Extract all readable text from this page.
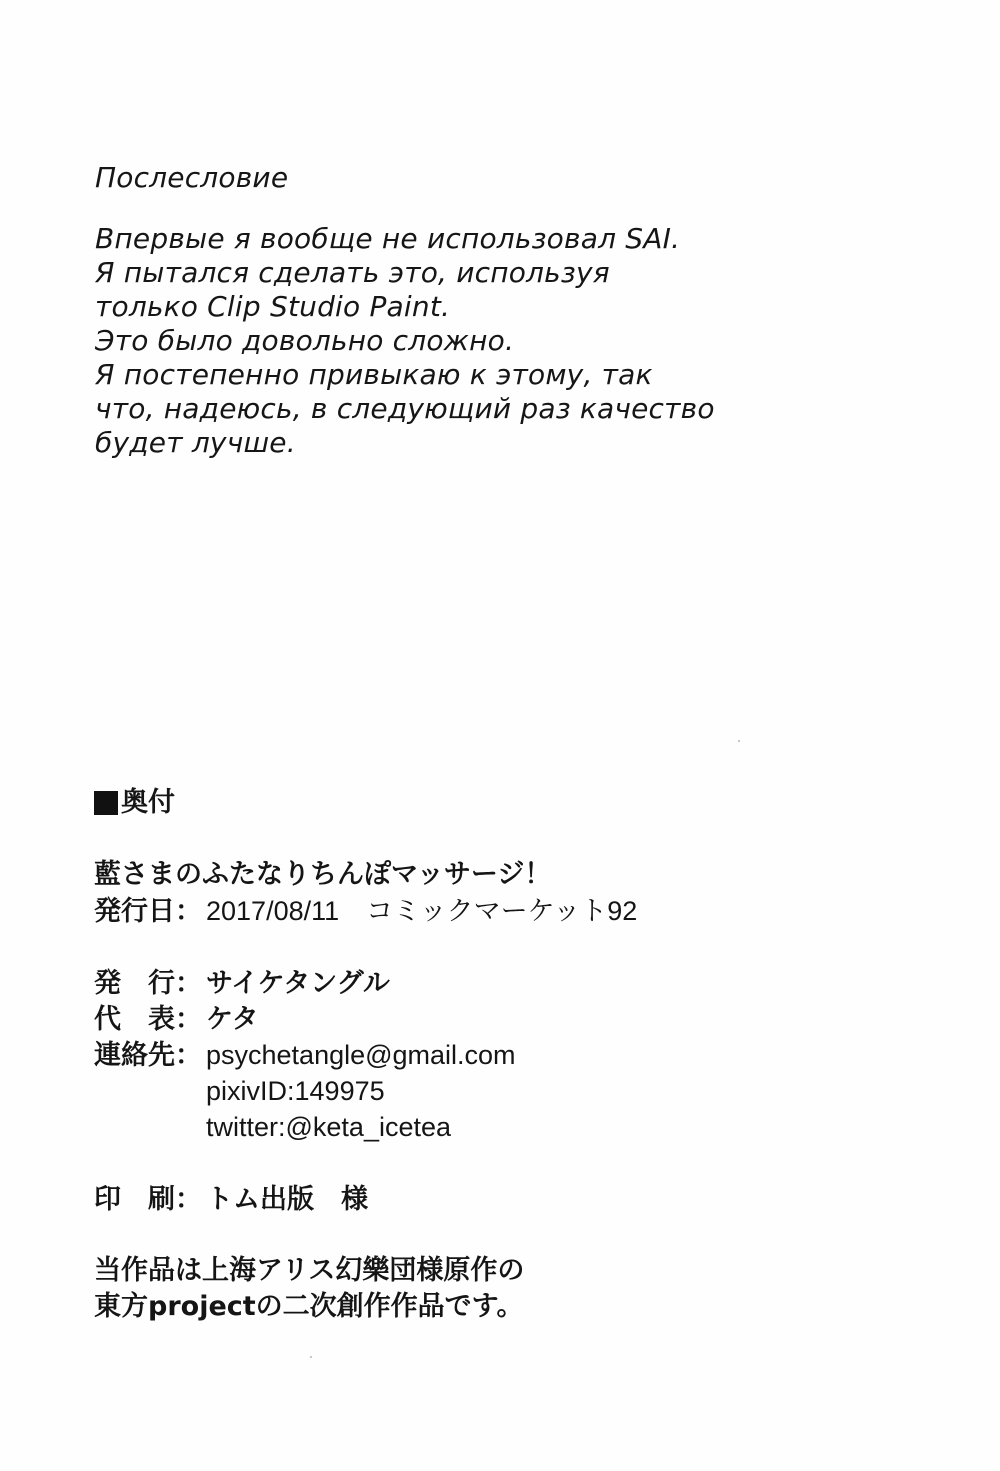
Послесловие
Впервые я вообще не использовал SAI.
Я пытался сделать это, используя
только Clip Studio Paint.
Это было довольно сложно.
Я постепенно привыкаю к этому, так
что, надеюсь, в следующий раз качество
будет лучше.
奥付
藍さまのふたなりちんぽマッサージ！
発行日： 2017/08/11　コミックマーケット92
発　行： サイケタングル
代　表： ケタ
連絡先： psychetangle@gmail.com
pixivID:149975
twitter:@keta_icetea
印　刷： トム出版　様
当作品は上海アリス幻樂団様原作の
東方projectの二次創作作品です。
